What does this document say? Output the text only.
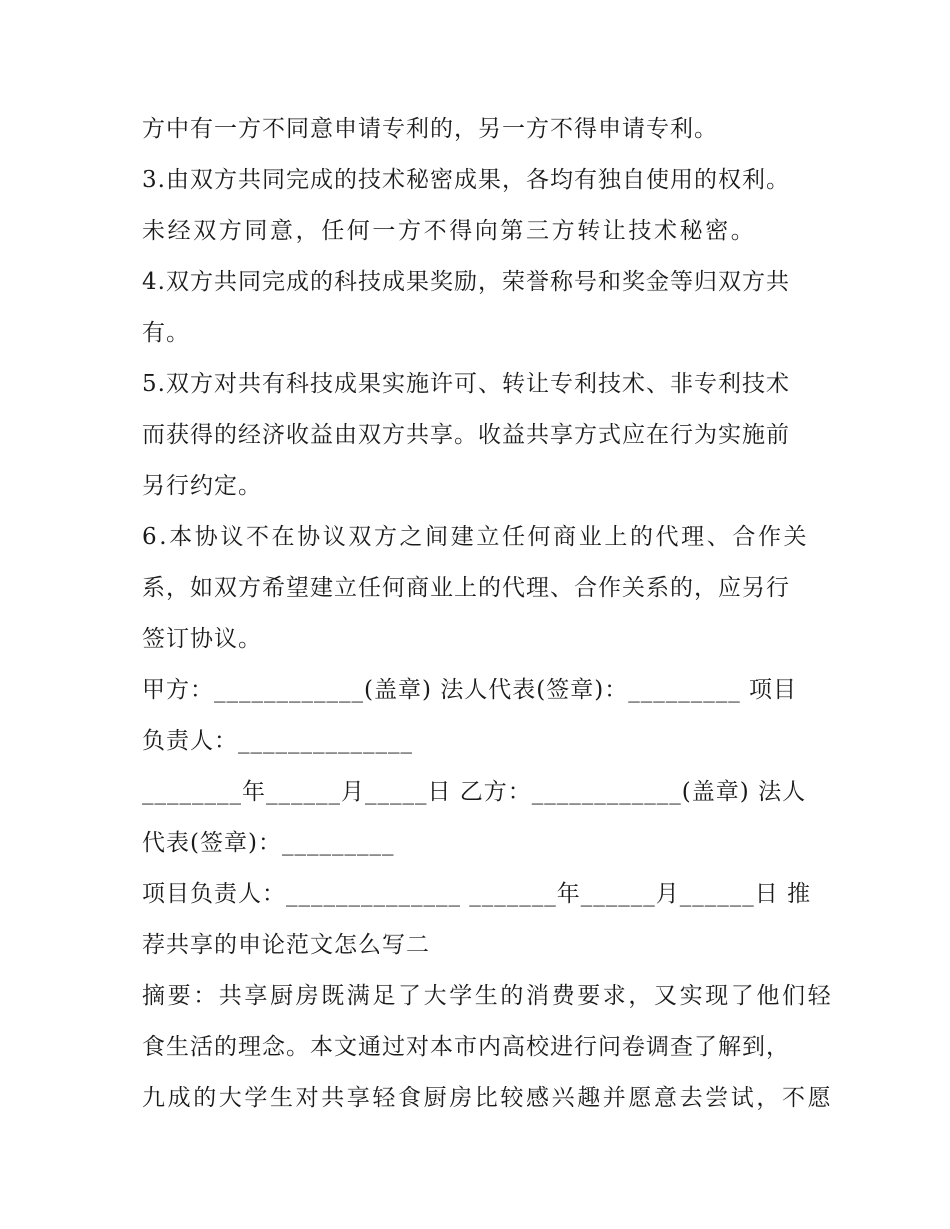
方中有一方不同意申请专利的，另一方不得申请专利。
3.由双方共同完成的技术秘密成果，各均有独自使用的权利。
未经双方同意，任何一方不得向第三方转让技术秘密。
4.双方共同完成的科技成果奖励，荣誉称号和奖金等归双方共
有。
5.双方对共有科技成果实施许可、转让专利技术、非专利技术
而获得的经济收益由双方共享。收益共享方式应在行为实施前
另行约定。
6.本协议不在协议双方之间建立任何商业上的代理、合作关
系，如双方希望建立任何商业上的代理、合作关系的，应另行
签订协议。
甲方：____________(盖章) 法人代表(签章)：_________ 项目
负责人：______________
________年______月_____日 乙方：____________(盖章) 法人
代表(签章)：_________
项目负责人：______________ _______年______月______日 推
荐共享的申论范文怎么写二
摘要：共享厨房既满足了大学生的消费要求，又实现了他们轻
食生活的理念。本文通过对本市内高校进行问卷调查了解到，
九成的大学生对共享轻食厨房比较感兴趣并愿意去尝试，不愿
